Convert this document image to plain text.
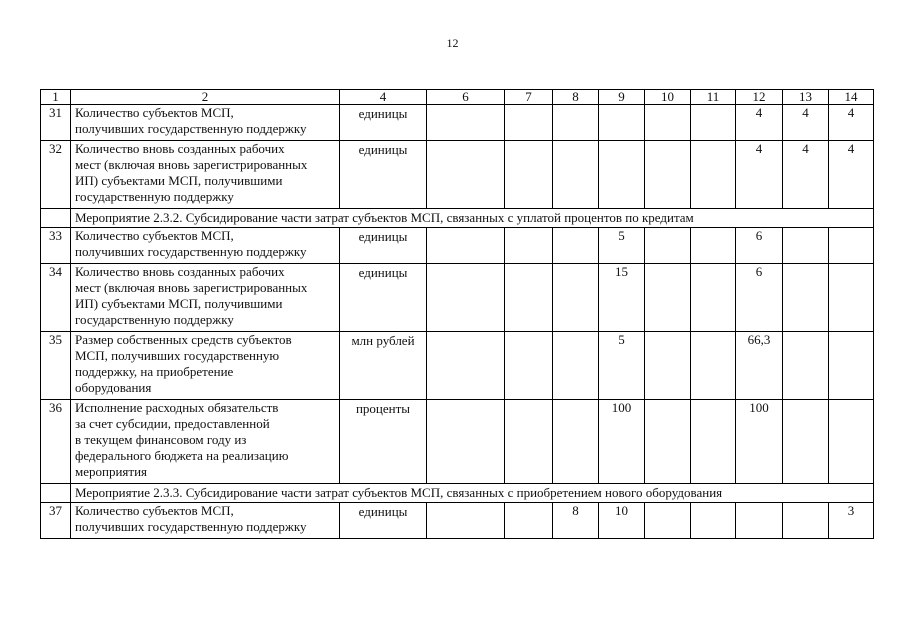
12
1	2	4	6	7	8	9	10	11	12	13	14
31	Количество субъектов МСП,
получивших государственную поддержку	единицы							4	4	4
32	Количество вновь созданных рабочих
мест (включая вновь зарегистрированных
ИП) субъектами МСП, получившими
государственную поддержку	единицы							4	4	4
	Мероприятие 2.3.2. Субсидирование части затрат субъектов МСП, связанных с уплатой процентов по кредитам										
33	Количество субъектов МСП,
получивших государственную поддержку	единицы				5			6		
34	Количество вновь созданных рабочих
мест (включая вновь зарегистрированных
ИП) субъектами МСП, получившими
государственную поддержку	единицы				15			6		
35	Размер собственных средств субъектов
МСП, получивших государственную
поддержку, на приобретение
оборудования	млн рублей				5			66,3		
36	Исполнение расходных обязательств
за счет субсидии, предоставленной
в текущем финансовом году из
федерального бюджета на реализацию
мероприятия	проценты				100			100		
	Мероприятие 2.3.3. Субсидирование части затрат субъектов МСП, связанных с приобретением нового оборудования										
37	Количество субъектов МСП,
получивших государственную поддержку	единицы			8	10					3
